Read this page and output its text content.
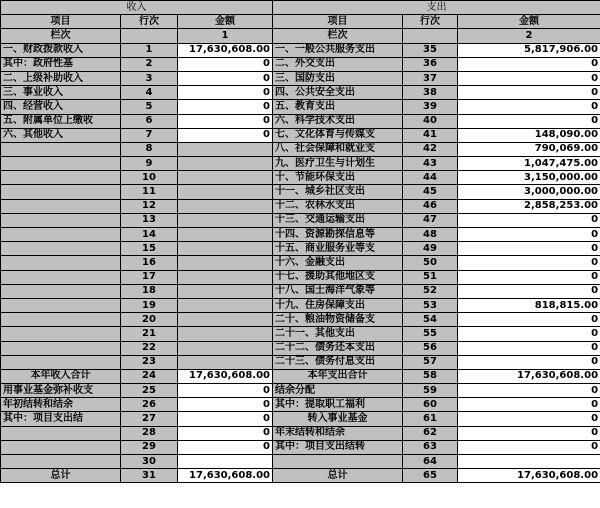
收入			支出		
项目	行次	金额	项目	行次	金额
栏次		1	栏次		2
一、财政拨款收入	1	17,630,608.00	一、一般公共服务支出	35	5,817,906.00
其中：政府性基	2	0	二、外交支出	36	0
二、上级补助收入	3	0	三、国防支出	37	0
三、事业收入	4	0	四、公共安全支出	38	0
四、经营收入	5	0	五、教育支出	39	0
五、附属单位上缴收	6	0	六、科学技术支出	40	0
六、其他收入	7	0	七、文化体育与传媒支	41	148,090.00
	8		八、社会保障和就业支	42	790,069.00
	9		九、医疗卫生与计划生	43	1,047,475.00
	10		十、节能环保支出	44	3,150,000.00
	11		十一、城乡社区支出	45	3,000,000.00
	12		十二、农林水支出	46	2,858,253.00
	13		十三、交通运输支出	47	0
	14		十四、资源勘探信息等	48	0
	15		十五、商业服务业等支	49	0
	16		十六、金融支出	50	0
	17		十七、援助其他地区支	51	0
	18		十八、国土海洋气象等	52	0
	19		十九、住房保障支出	53	818,815.00
	20		二十、粮油物资储备支	54	0
	21		二十一、其他支出	55	0
	22		二十二、债务还本支出	56	0
	23		二十三、债务付息支出	57	0
本年收入合计	24	17,630,608.00	本年支出合计	58	17,630,608.00
用事业基金弥补收支	25	0	结余分配	59	0
年初结转和结余	26	0	其中：提取职工福利	60	0
其中：项目支出结	27	0	转入事业基金	61	0
	28	0	年末结转和结余	62	0
	29	0	其中：项目支出结转	63	0
	30			64	
总计	31	17,630,608.00	总计	65	17,630,608.00
